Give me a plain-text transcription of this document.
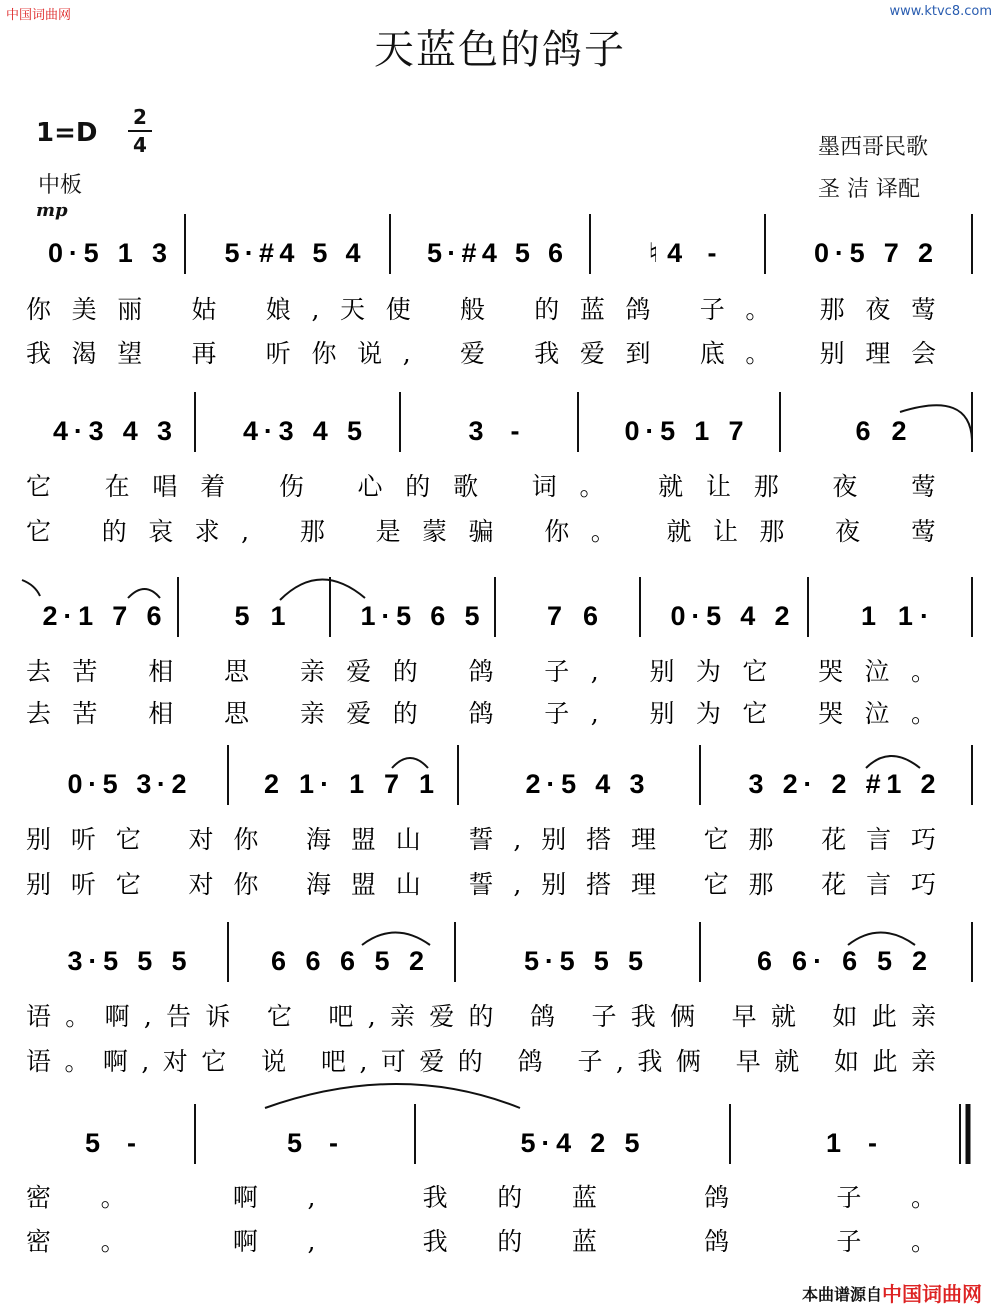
中国词曲网	www.ktvc8.com
天蓝色的鸽子
$1=D \frac{2}{4}$
中板
mp
墨西哥民歌
圣 洁 译配
0·5 1 3 5·#4 5 4 5·#4 5 6	♮4 -	0·5 7 2
你美丽 姑 娘,天使 般 的蓝鸽 子。 那夜莺
我渴望 再 听你说, 爱 我爱到 底。 别理会
4·3 4 3	4·3 4 5	3 -	0·5 1 7	6 2
它 在唱着 伤 心的歌 词。 就让那 夜 莺
它 的哀求, 那 是蒙骗 你。 就让那 夜 莺
2·1 7 6	5 1	1·5 6 5	7 6	0·5 4 2	1 1·
去苦 相 思 亲爱的 鸽 子, 别为它 哭泣。
去苦 相 思 亲爱的 鸽 子, 别为它 哭泣。
0·5 3·2	2 1· 1 7 1	2·5 4 3	3 2· 2 #1 2
别听它 对你 海盟山 誓,别搭理 它那 花言巧
别听它 对你 海盟山 誓,别搭理 它那 花言巧
3·5 5 5	6 6 6 5 2	5·5 5 5	6 6· 6 5 2
语。啊,告诉 它 吧,亲爱的 鸽 子我俩 早就 如此亲
语。啊,对它 说 吧,可爱的 鸽 子,我俩 早就 如此亲
5 -	5 -	5·4 2 5	1 -
密。 啊, 我的蓝 鸽 子。
密。 啊, 我的蓝 鸽 子。
本曲谱源自 中国词曲网
